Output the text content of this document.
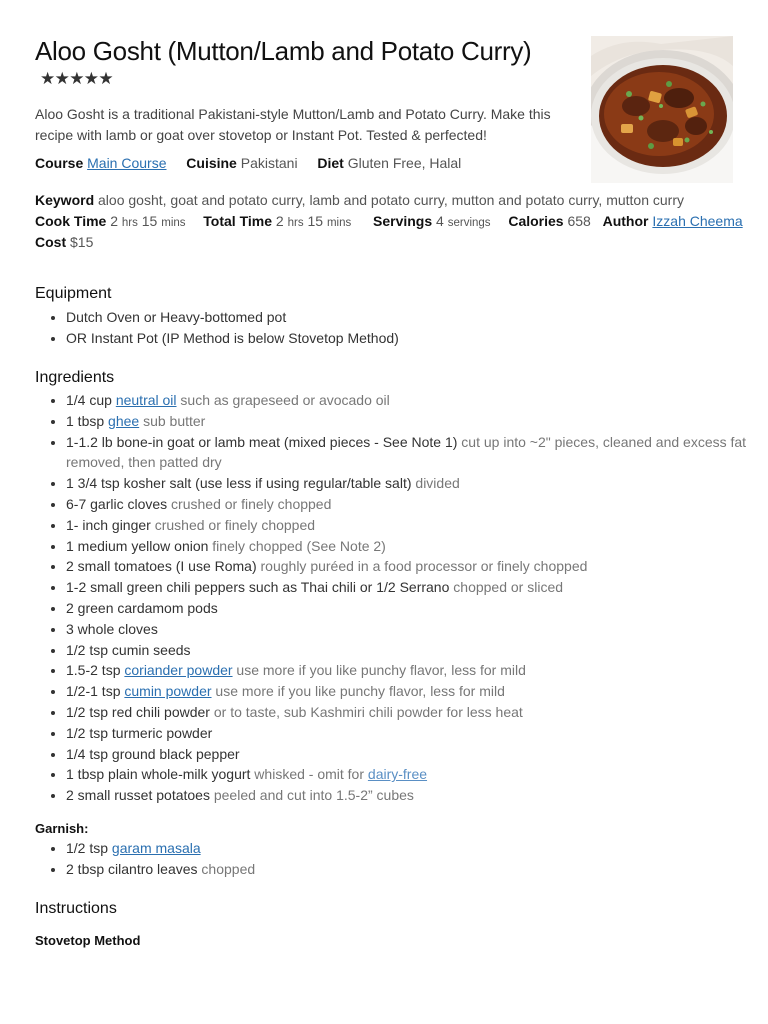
Aloo Gosht (Mutton/Lamb and Potato Curry)
★★★★★

Aloo Gosht is a traditional Pakistani-style Mutton/Lamb and Potato Curry. Make this recipe with lamb or goat over stovetop or Instant Pot. Tested & perfected!

Course Main Course Cuisine Pakistani Diet Gluten Free, Halal
Keyword aloo gosht, goat and potato curry, lamb and potato curry, mutton and potato curry, mutton curry
Cook Time 2 hrs 15 mins Total Time 2 hrs 15 mins Servings 4 servings Calories 658 Author Izzah Cheema
Cost $15
Equipment
• Dutch Oven or Heavy-bottomed pot
• OR Instant Pot (IP Method is below Stovetop Method)
Ingredients
• 1/4 cup neutral oil such as grapeseed or avocado oil
• 1 tbsp ghee sub butter
• 1-1.2 lb bone-in goat or lamb meat (mixed pieces - See Note 1) cut up into ~2" pieces, cleaned and excess fat removed, then patted dry
• 1 3/4 tsp kosher salt (use less if using regular/table salt) divided
• 6-7 garlic cloves crushed or finely chopped
• 1- inch ginger crushed or finely chopped
• 1 medium yellow onion finely chopped (See Note 2)
• 2 small tomatoes (I use Roma) roughly puréed in a food processor or finely chopped
• 1-2 small green chili peppers such as Thai chili or 1/2 Serrano chopped or sliced
• 2 green cardamom pods
• 3 whole cloves
• 1/2 tsp cumin seeds
• 1.5-2 tsp coriander powder use more if you like punchy flavor, less for mild
• 1/2-1 tsp cumin powder use more if you like punchy flavor, less for mild
• 1/2 tsp red chili powder or to taste, sub Kashmiri chili powder for less heat
• 1/2 tsp turmeric powder
• 1/4 tsp ground black pepper
• 1 tbsp plain whole-milk yogurt whisked - omit for dairy-free
• 2 small russet potatoes peeled and cut into 1.5-2” cubes
Garnish:
• 1/2 tsp garam masala
• 2 tbsp cilantro leaves chopped
Instructions
Stovetop Method
